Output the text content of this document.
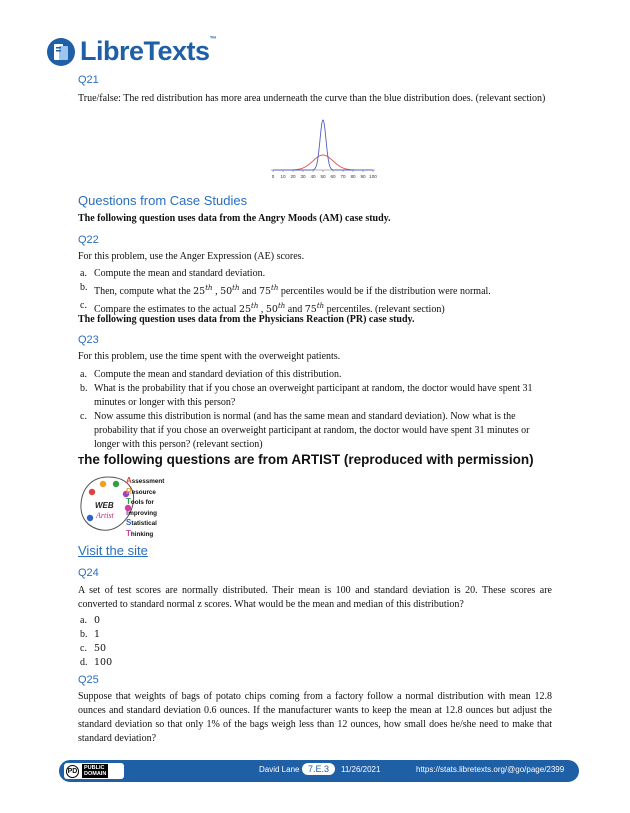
LibreTexts™
Q21
True/false: The red distribution has more area underneath the curve than the blue distribution does. (relevant section)
0 10 20 30 40 50 60 70 80 90 100
Questions from Case Studies
The following question uses data from the Angry Moods (AM) case study.
Q22
For this problem, use the Anger Expression (AE) scores.
a. Compute the mean and standard deviation.
b. Then, compute what the 25th , 50th and 75th percentiles would be if the distribution were normal.
c. Compare the estimates to the actual 25th , 50th and 75th percentiles. (relevant section)
The following question uses data from the Physicians Reaction (PR) case study.
Q23
For this problem, use the time spent with the overweight patients.
a. Compute the mean and standard deviation of this distribution.
b. What is the probability that if you chose an overweight participant at random, the doctor would have spent 31 minutes or longer with this person?
c. Now assume this distribution is normal (and has the same mean and standard deviation). Now what is the probability that if you chose an overweight participant at random, the doctor would have spent 31 minutes or longer with this person? (relevant section)
The following questions are from ARTIST (reproduced with permission)
WEB
Artist
Assessment
Resource
Tools for
Improving
Statistical
Thinking
Visit the site
Q24
A set of test scores are normally distributed. Their mean is 100 and standard deviation is 20. These scores are converted to standard normal z scores. What would be the mean and median of this distribution?
a. 0
b. 1
c. 50
d. 100
Q25
Suppose that weights of bags of potato chips coming from a factory follow a normal distribution with mean 12.8 ounces and standard deviation 0.6 ounces. If the manufacturer wants to keep the mean at 12.8 ounces but adjust the standard deviation so that only 1% of the bags weigh less than 12 ounces, how small does he/she need to make that standard deviation?
PD PUBLIC
DOMAIN	David Lane 7.E.3	11/26/2021	https://stats.libretexts.org/@go/page/2399
